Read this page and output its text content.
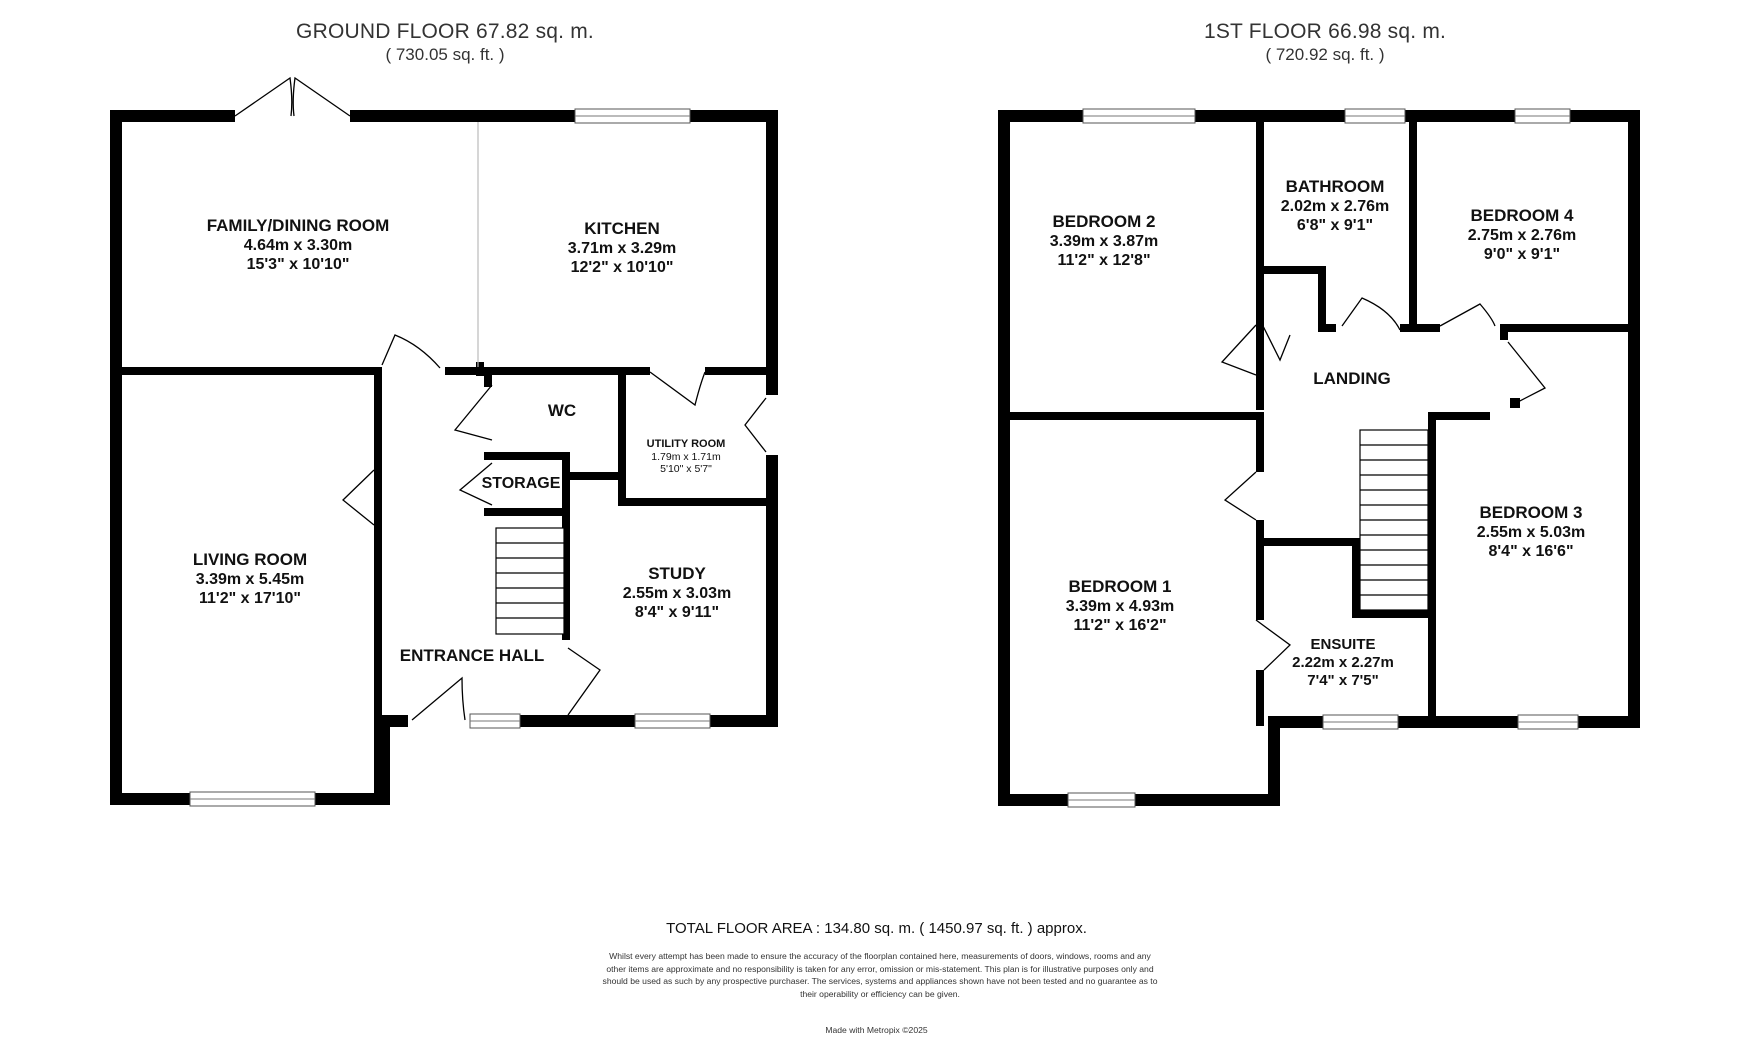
GROUND FLOOR 67.82 sq. m.
( 730.05 sq. ft. )
1ST FLOOR 66.98 sq. m.
( 720.92 sq. ft. )
FAMILY/DINING ROOM
4.64m x 3.30m
15'3" x 10'10"
KITCHEN
3.71m x 3.29m
12'2" x 10'10"
WC
UTILITY ROOM
1.79m x 1.71m
5'10" x 5'7"
STORAGE
LIVING ROOM
3.39m x 5.45m
11'2" x 17'10"
STUDY
2.55m x 3.03m
8'4" x 9'11"
ENTRANCE HALL
BEDROOM 2
3.39m x 3.87m
11'2" x 12'8"
BATHROOM
2.02m x 2.76m
6'8" x 9'1"
BEDROOM 4
2.75m x 2.76m
9'0" x 9'1"
LANDING
BEDROOM 1
3.39m x 4.93m
11'2" x 16'2"
BEDROOM 3
2.55m x 5.03m
8'4" x 16'6"
ENSUITE
2.22m x 2.27m
7'4" x 7'5"
TOTAL FLOOR AREA : 134.80 sq. m. ( 1450.97 sq. ft. ) approx.
Whilst every attempt has been made to ensure the accuracy of the floorplan contained here, measurements of doors, windows, rooms and any other items are approximate and no responsibility is taken for any error, omission or mis-statement. This plan is for illustrative purposes only and should be used as such by any prospective purchaser. The services, systems and appliances shown have not been tested and no guarantee as to their operability or efficiency can be given.
Made with Metropix ©2025
